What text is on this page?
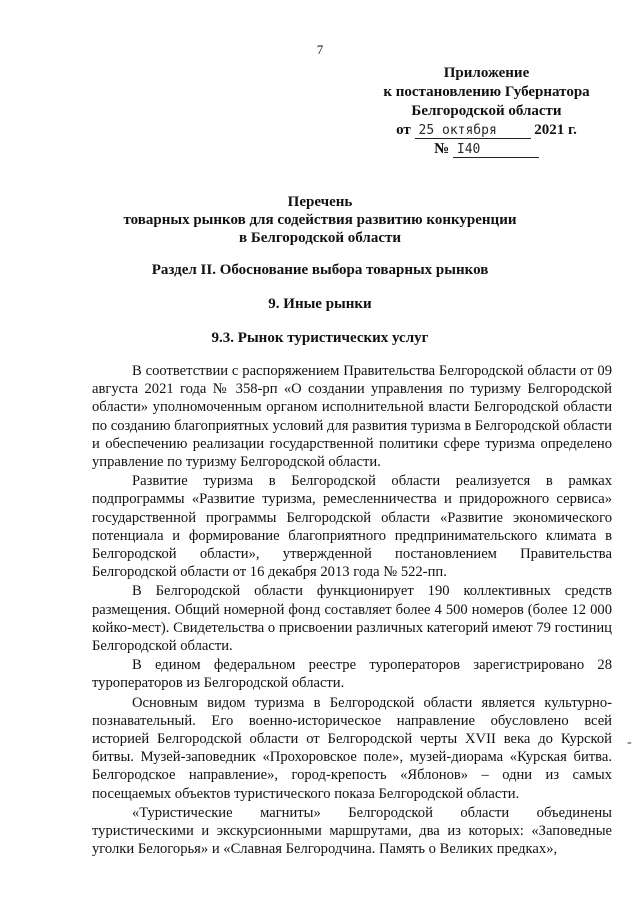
7
Приложение
к постановлению Губернатора
Белгородской области
от 25 октября 2021 г.
№ I40
Перечень
товарных рынков для содействия развитию конкуренции
в Белгородской области
Раздел II. Обоснование выбора товарных рынков
9. Иные рынки
9.3. Рынок туристических услуг

В соответствии с распоряжением Правительства Белгородской области от 09 августа 2021 года № 358-рп «О создании управления по туризму Белгородской области» уполномоченным органом исполнительной власти Белгородской области по созданию благоприятных условий для развития туризма в Белгородской области и обеспечению реализации государственной политики сфере туризма определено управление по туризму Белгородской области.

Развитие туризма в Белгородской области реализуется в рамках подпрограммы «Развитие туризма, ремесленничества и придорожного сервиса» государственной программы Белгородской области «Развитие экономического потенциала и формирование благоприятного предпринимательского климата в Белгородской области», утвержденной постановлением Правительства Белгородской области от 16 декабря 2013 года № 522-пп.

В Белгородской области функционирует 190 коллективных средств размещения. Общий номерной фонд составляет более 4 500 номеров (более 12 000 койко-мест). Свидетельства о присвоении различных категорий имеют 79 гостиниц Белгородской области.

В едином федеральном реестре туроператоров зарегистрировано 28 туроператоров из Белгородской области.

Основным видом туризма в Белгородской области является культурно-познавательный. Его военно-историческое направление обусловлено всей историей Белгородской области от Белгородской черты XVII века до Курской битвы. Музей-заповедник «Прохоровское поле», музей-диорама «Курская битва. Белгородское направление», город-крепость «Яблонов» – одни из самых посещаемых объектов туристического показа Белгородской области.

«Туристические магниты» Белгородской области объединены туристическими и экскурсионными маршрутами, два из которых: «Заповедные уголки Белогорья» и «Славная Белгородчина. Память о Великих предках»,

-
